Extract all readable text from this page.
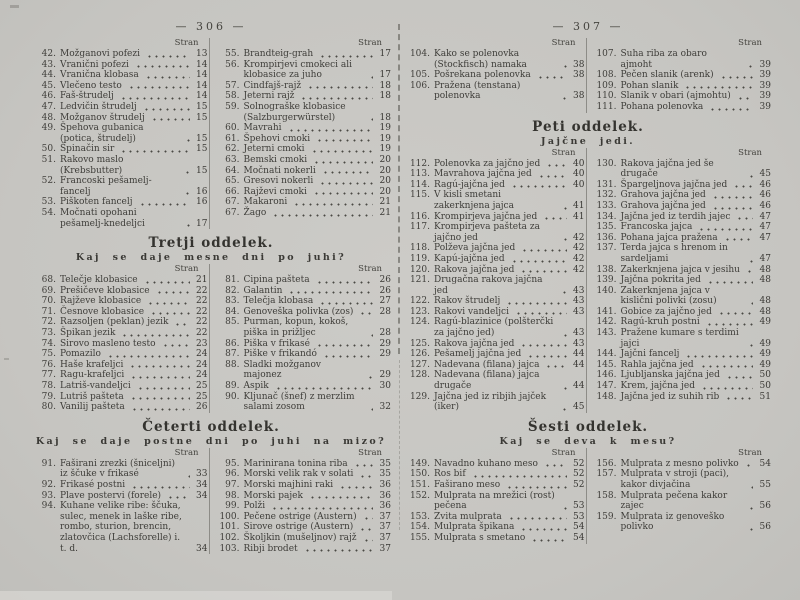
— 306 —
Stran
42. Možganovi pofezi	13
43. Vranični pofezi	14
44. Vranična klobasa	14
45. Vlečeno testo	14
46. Faš-štrudelj	14
47. Ledvičin štrudelj	15
48. Možganov štrudelj	15
49. Špehova gubanica (potica, štrudelj)	15
50. Špinačin sir	15
51. Rakovo maslo (Krebsbutter)	15
52. Francoski pešamelj-fancelj	16
53. Piškoten fancelj	16
54. Močnati opohani pešamelj-knedeljci	17
Stran
55. Brandteig-grah	17
56. Krompirjevi cmokeci ali klobasice za juho	17
57. Cindfajš-rajž	18
58. Jeterni rajž	18
59. Solnograške klobasice (Salzburgerwürstel)	18
60. Mavrahi	19
61. Špehovi cmoki	19
62. Jeterni cmoki	19
63. Bemski cmoki	20
64. Močnati nokerli	20
65. Gresovi nokerli	20
66. Rajževi cmoki	20
67. Makaroni	21
67. Žago	21
Tretji oddelek.
Kaj se daje mesne dni po juhi?
Stran
68. Telečje klobasice	21
69. Prešičeve klobasice	22
70. Rajževe klobasice	22
71. Česnove klobasice	22
72. Razsoljen (peklan) jezik	22
73. Špikan jezik	22
74. Sirovo masleno testo	23
75. Pomazilo	24
76. Haše krafeljci	24
77. Ragu-krafeljci	24
78. Latriš-vandeljci	25
79. Lutriš pašteta	25
80. Vanilij pašteta	26
Stran
81. Cipina pašteta	26
82. Galantin	26
83. Telečja klobasa	27
84. Genoveška polivka (zos)	28
85. Purman, kopun, kokoš, piška in prižljec	28
86. Piška v frikasé	29
87. Piške v frikandó	29
88. Sladki možganov majonez	29
89. Aspik	30
90. Kljunač (šnef) z merzlim salami zosom	32
Četerti oddelek.
Kaj se daje postne dni po juhi na mizo?
Stran
91. Faširani zrezki (šniceljni) iz ščuke v frikasé	33
92. Frikasé postni	34
93. Plave postervi (forele)	34
94. Kuhane velike ribe: ščuka, sulec, menek in laške ribe, rombo, sturion, brencin, zlatovčica (Lachsforelle) i. t. d.	34
Stran
95. Marinirana tonina riba	35
96. Morski velik rak v solati	35
97. Morski majhini raki	36
98. Morski pajek	36
99. Polži	36
100. Pečene ostrige (Austern)	37
101. Sirove ostrige (Austern)	37
102. Školjkin (mušeljnov) rajž	37
103. Ribji brodet	37
— 307 —
Stran
104. Kako se polenovka (Stockfisch) namaka	38
105. Pošrekana polenovka	38
106. Pražena (tenstana) polenovka	38
Stran
107. Suha riba za obaro ajmoht	39
108. Pečen slanik (arenk)	39
109. Pohan slanik	39
110. Slanik v obari (ajmohtu)	39
111. Pohana polenovka	39
Peti oddelek.
Jajčne jedi.
Stran
112. Polenovka za jajčno jed	40
113. Mavrahova jajčna jed	40
114. Ragú-jajčna jed	40
115. V kisli smetani zakerknjena jajca	41
116. Krompirjeva jajčna jed	41
117. Krompirjeva pašteta za jajčno jed	42
118. Polževa jajčna jed	42
119. Kapú-jajčna jed	42
120. Rakova jajčna jed	42
121. Drugačna rakova jajčna jed	43
122. Rakov štrudelj	43
123. Rakovi vandeljci	43
124. Ragú-blazinice (polšterčki za jajčno jed)	43
125. Rakova jajčna jed	43
126. Pešamelj jajčna jed	44
127. Nadevana (filana) jajca	44
128. Nadevana (filana) jajca drugače	44
129. Jajčna jed iz ribjih jajček (iker)	45
Stran
130. Rakova jajčna jed še drugače	45
131. Špargeljnova jajčna jed	46
132. Grahova jajčna jed	46
133. Grahova jajčna jed	46
134. Jajčna jed iz terdih jajec	47
135. Francoska jajca	47
136. Pohana jajca pražena	47
137. Terda jajca s hrenom in sardeljami	47
138. Zakerknjena jajca v jesihu	48
139. Jajčna pokrita jed	48
140. Zakerknjena jajca v kislični polivki (zosu)	48
141. Gobice za jajčno jed	48
142. Ragú-kruh postni	49
143. Pražene kumare s terdimi jajci	49
144. Jajčni fancelj	49
145. Rahla jajčna jed	49
146. Ljubljanska jajčna jed	50
147. Krem, jajčna jed	50
148. Jajčna jed iz suhih rib	51
Šesti oddelek.
Kaj se deva k mesu?
Stran
149. Navadno kuhano meso	52
150. Ros bif	52
151. Faširano meso	52
152. Mulprata na mrežici (rost) pečena	53
153. Zvita mulprata	53
154. Mulprata špikana	54
155. Mulprata s smetano	54
Stran
156. Mulprata z mesno polivko	54
157. Mulprata v stroji (paci), kakor divjačina	55
158. Mulprata pečena kakor zajec	56
159. Mulprata iz genoveško polivko	56
